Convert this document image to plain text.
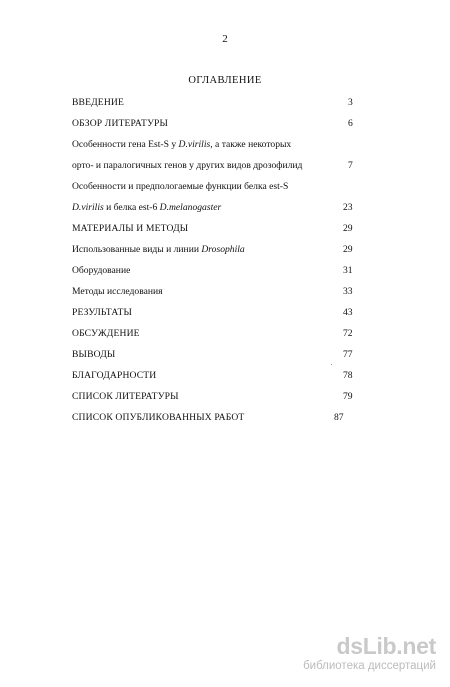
2
ОГЛАВЛЕНИЕ
ВВЕДЕНИЕ	3
ОБЗОР ЛИТЕРАТУРЫ	6
Особенности гена Est-S у D.virilis, а также некоторых
орто- и паралогичных генов у других видов дрозофилид	7
Особенности и предпологаемые функции белка est-S
D.virilis и белка est-6 D.melanogaster	23
МАТЕРИАЛЫ И МЕТОДЫ	29
Использованные виды и линии Drosophila	29
Оборудование	31
Методы исследования	33
РЕЗУЛЬТАТЫ	43
ОБСУЖДЕНИЕ	72
ВЫВОДЫ	77
БЛАГОДАРНОСТИ	78
СПИСОК ЛИТЕРАТУРЫ	79
СПИСОК ОПУБЛИКОВАННЫХ РАБОТ	87
dsLib.net
библиотека диссертаций
